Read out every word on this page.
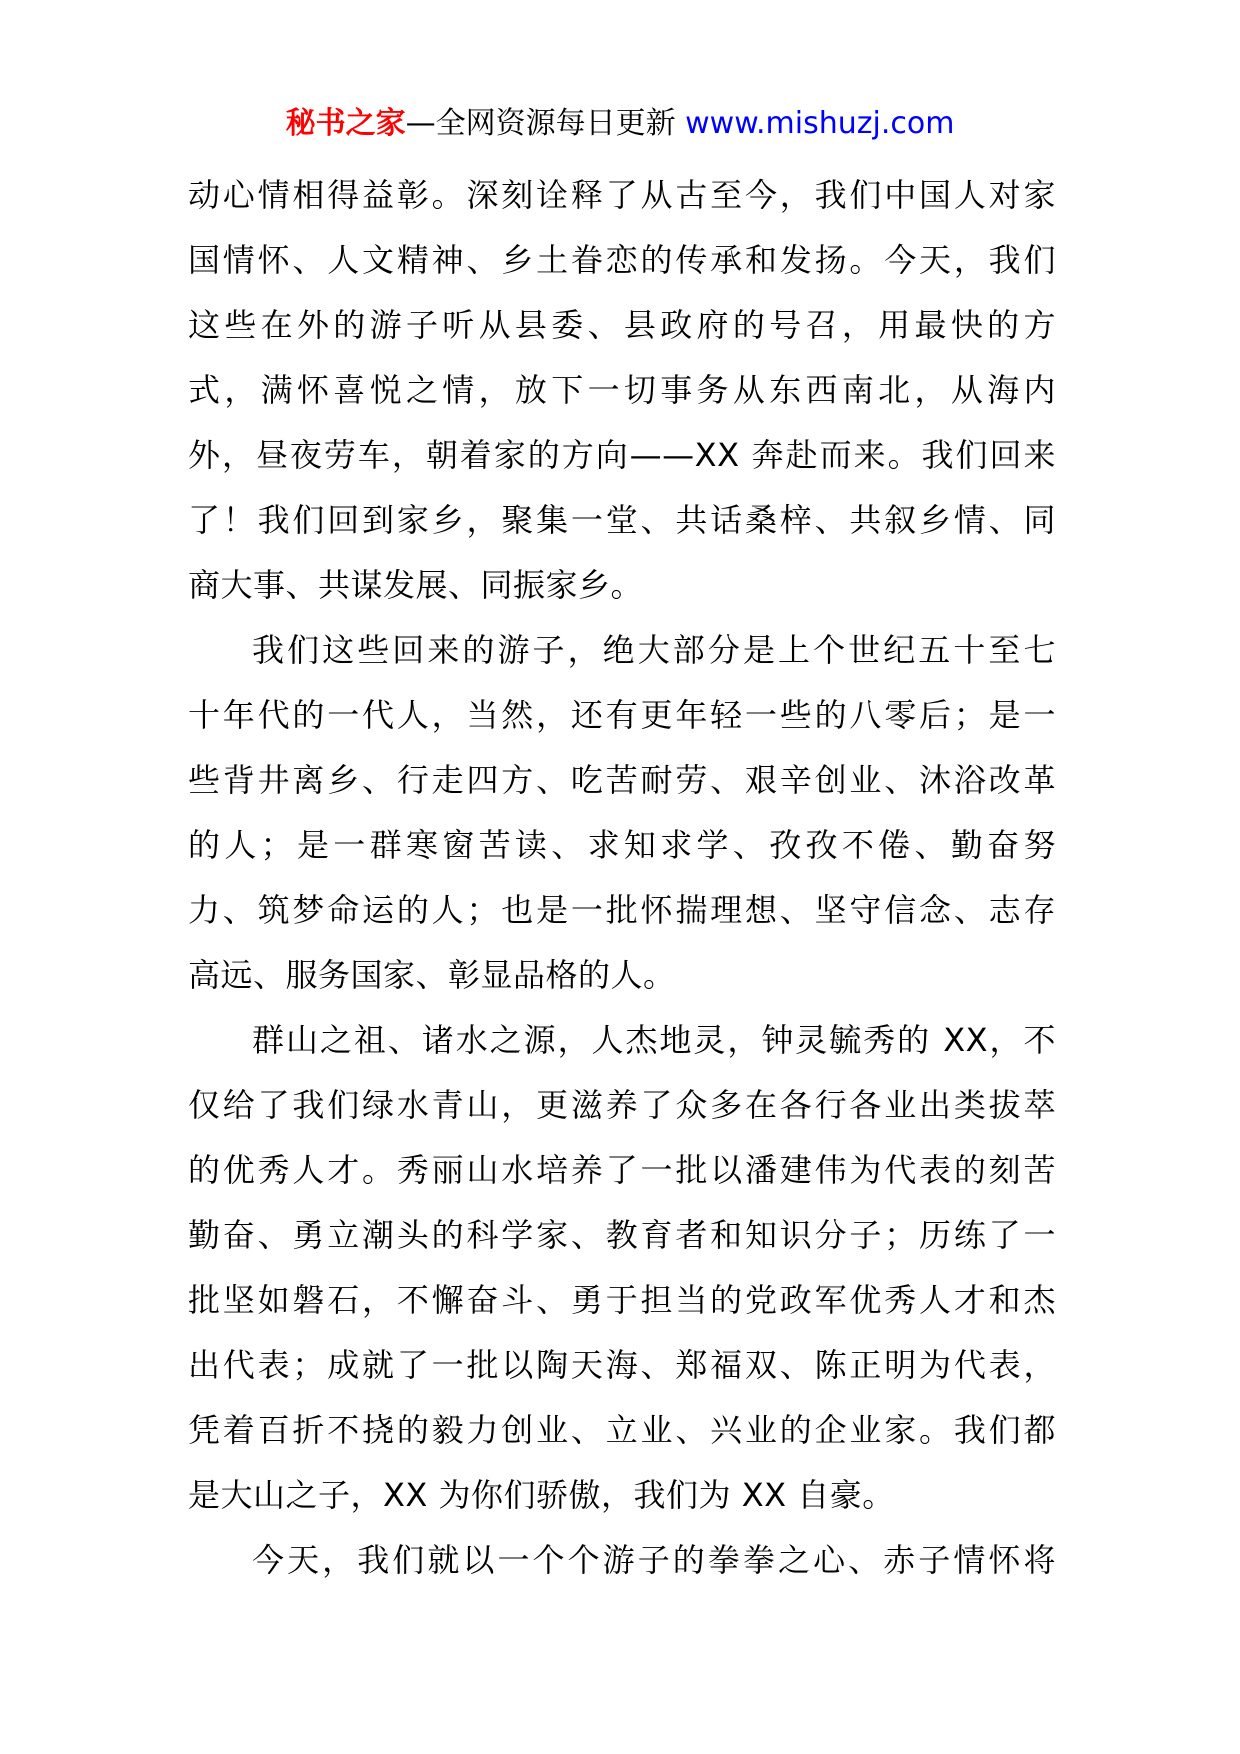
秘书之家—全网资源每日更新 www.mishuzj.com
动心情相得益彰。深刻诠释了从古至今，我们中国人对家
国情怀、人文精神、乡土眷恋的传承和发扬。今天，我们
这些在外的游子听从县委、县政府的号召，用最快的方
式，满怀喜悦之情，放下一切事务从东西南北，从海内
外，昼夜劳车，朝着家的方向——XX 奔赴而来。我们回来
了！我们回到家乡，聚集一堂、共话桑梓、共叙乡情、同
商大事、共谋发展、同振家乡。
我们这些回来的游子，绝大部分是上个世纪五十至七
十年代的一代人，当然，还有更年轻一些的八零后；是一
些背井离乡、行走四方、吃苦耐劳、艰辛创业、沐浴改革
的人；是一群寒窗苦读、求知求学、孜孜不倦、勤奋努
力、筑梦命运的人；也是一批怀揣理想、坚守信念、志存
高远、服务国家、彰显品格的人。
群山之祖、诸水之源，人杰地灵，钟灵毓秀的 XX，不
仅给了我们绿水青山，更滋养了众多在各行各业出类拔萃
的优秀人才。秀丽山水培养了一批以潘建伟为代表的刻苦
勤奋、勇立潮头的科学家、教育者和知识分子；历练了一
批坚如磐石，不懈奋斗、勇于担当的党政军优秀人才和杰
出代表；成就了一批以陶天海、郑福双、陈正明为代表，
凭着百折不挠的毅力创业、立业、兴业的企业家。我们都
是大山之子，XX 为你们骄傲，我们为 XX 自豪。
今天，我们就以一个个游子的拳拳之心、赤子情怀将
